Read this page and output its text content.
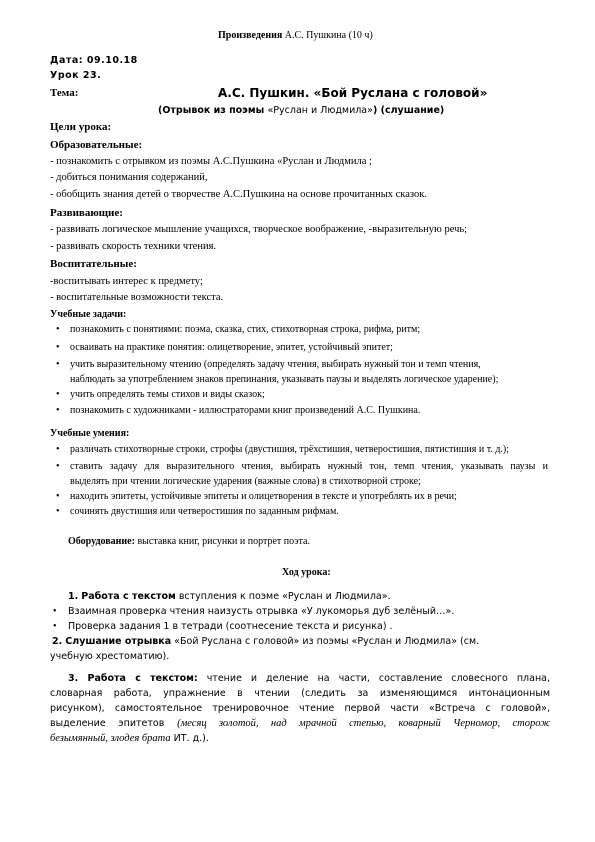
Произведения А.С. Пушкина (10 ч)
Дата: 09.10.18
Урок 23.
Тема:	А.С. Пушкин. «Бой Руслана с головой»
(Отрывок из поэмы «Руслан и Людмила») (слушание)
Цели урока:
Образовательные:
- познакомить с отрывком из поэмы А.С.Пушкина «Руслан и Людмила ;
- добиться понимания содержаний,
- обобщить знания детей о творчестве А.С.Пушкина на основе прочитанных сказок.
Развивающие:
- развивать логическое мышление учащихся, творческое воображение, -выразительную речь;
- развивать скорость техники чтения.
Воспитательные:
-воспитывать интерес к предмету;
- воспитательные возможности текста.
Учебные задачи:
• познакомить с понятиями: поэма, сказка, стих, стихотворная строка, рифма, ритм;
• осваивать на практике понятия: олицетворение, эпитет, устойчивый эпитет;
• учить выразительному чтению (определять задачу чтения, выбирать нужный тон и темп чтения,
наблюдать за употреблением знаков препинания, указывать паузы и выделять логическое ударение);
• учить определять темы стихов и виды сказок;
• познакомить с художниками - иллюстраторами книг произведений А.С. Пушкина.
Учебные умения:
• различать стихотворные строки, строфы (двустишия, трёхстишия, четверостишия, пятистишия и т. д.);
• ставить задачу для выразительного чтения, выбирать нужный тон, темп чтения, указывать паузы и
выделять при чтении логические ударения (важные слова) в стихотворной строке;
• находить эпитеты, устойчивые эпитеты и олицетворения в тексте и употреблять их в речи;
• сочинять двустишия или четверостишия по заданным рифмам.
Оборудование: выставка книг, рисунки и портрет поэта.
Ход урока:
1. Работа с текстом вступления к поэме «Руслан и Людмила».
• Взаимная проверка чтения наизусть отрывка «У лукоморья дуб зелёный…».
• Проверка задания 1 в тетради (соотнесение текста и рисунка) .
2. Слушание отрывка «Бой Руслана с головой» из поэмы «Руслан и Людмила» (см.
учебную хрестоматию).
3. Работа с текстом: чтение и деление на части, составление словесного плана,
словарная работа, упражнение в чтении (следить за изменяющимся интонационным
рисунком), самостоятельное тренировочное чтение первой части «Встреча с головой»,
выделение эпитетов (месяц золотой, над мрачной степью, коварный Черномор, сторож
безымянный, злодея брата ИТ. д.).
